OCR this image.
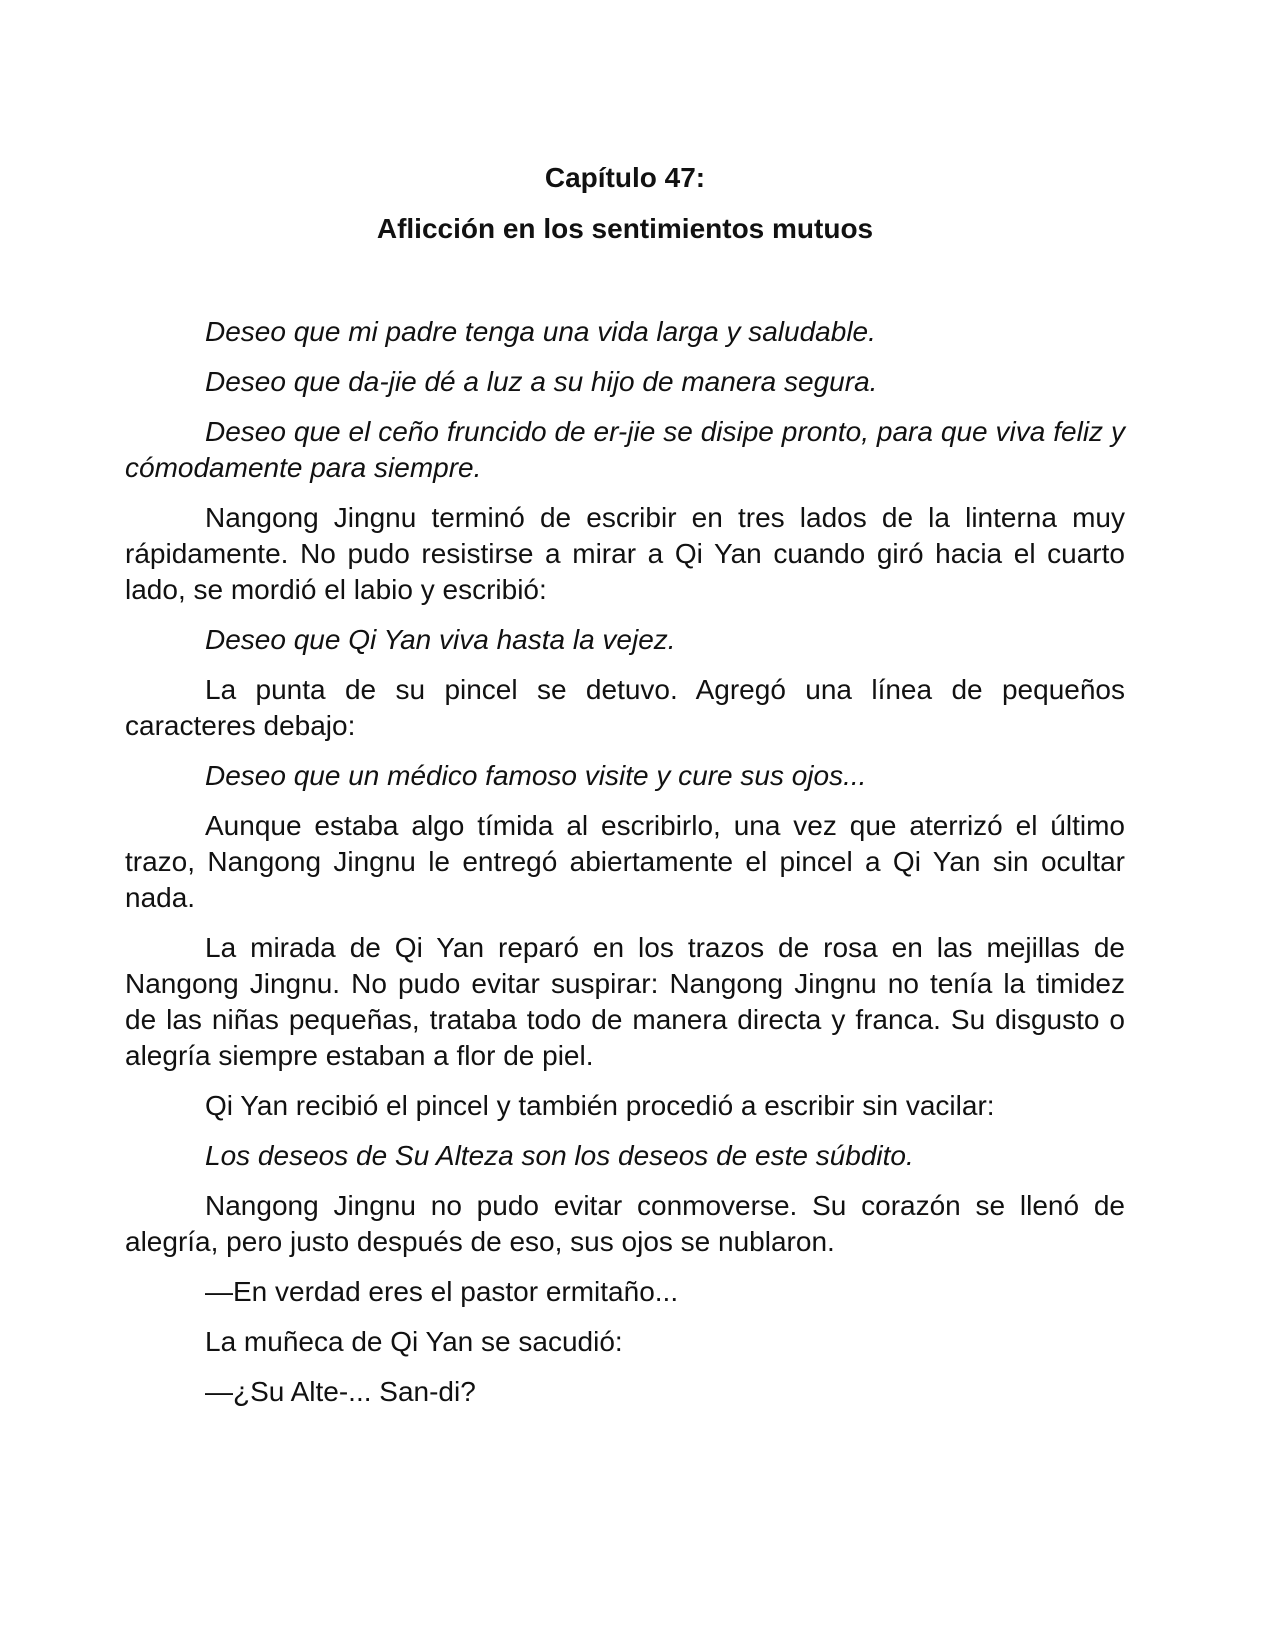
Capítulo 47:
Aflicción en los sentimientos mutuos

Deseo que mi padre tenga una vida larga y saludable.

Deseo que da-jie dé a luz a su hijo de manera segura.

Deseo que el ceño fruncido de er-jie se disipe pronto, para que viva feliz y cómodamente para siempre.

Nangong Jingnu terminó de escribir en tres lados de la linterna muy rápidamente. No pudo resistirse a mirar a Qi Yan cuando giró hacia el cuarto lado, se mordió el labio y escribió:

Deseo que Qi Yan viva hasta la vejez.

La punta de su pincel se detuvo. Agregó una línea de pequeños caracteres debajo:

Deseo que un médico famoso visite y cure sus ojos...

Aunque estaba algo tímida al escribirlo, una vez que aterrizó el último trazo, Nangong Jingnu le entregó abiertamente el pincel a Qi Yan sin ocultar nada.

La mirada de Qi Yan reparó en los trazos de rosa en las mejillas de Nangong Jingnu. No pudo evitar suspirar: Nangong Jingnu no tenía la timidez de las niñas pequeñas, trataba todo de manera directa y franca. Su disgusto o alegría siempre estaban a flor de piel.

Qi Yan recibió el pincel y también procedió a escribir sin vacilar:

Los deseos de Su Alteza son los deseos de este súbdito.

Nangong Jingnu no pudo evitar conmoverse. Su corazón se llenó de alegría, pero justo después de eso, sus ojos se nublaron.

—En verdad eres el pastor ermitaño...

La muñeca de Qi Yan se sacudió:

—¿Su Alte-... San-di?
